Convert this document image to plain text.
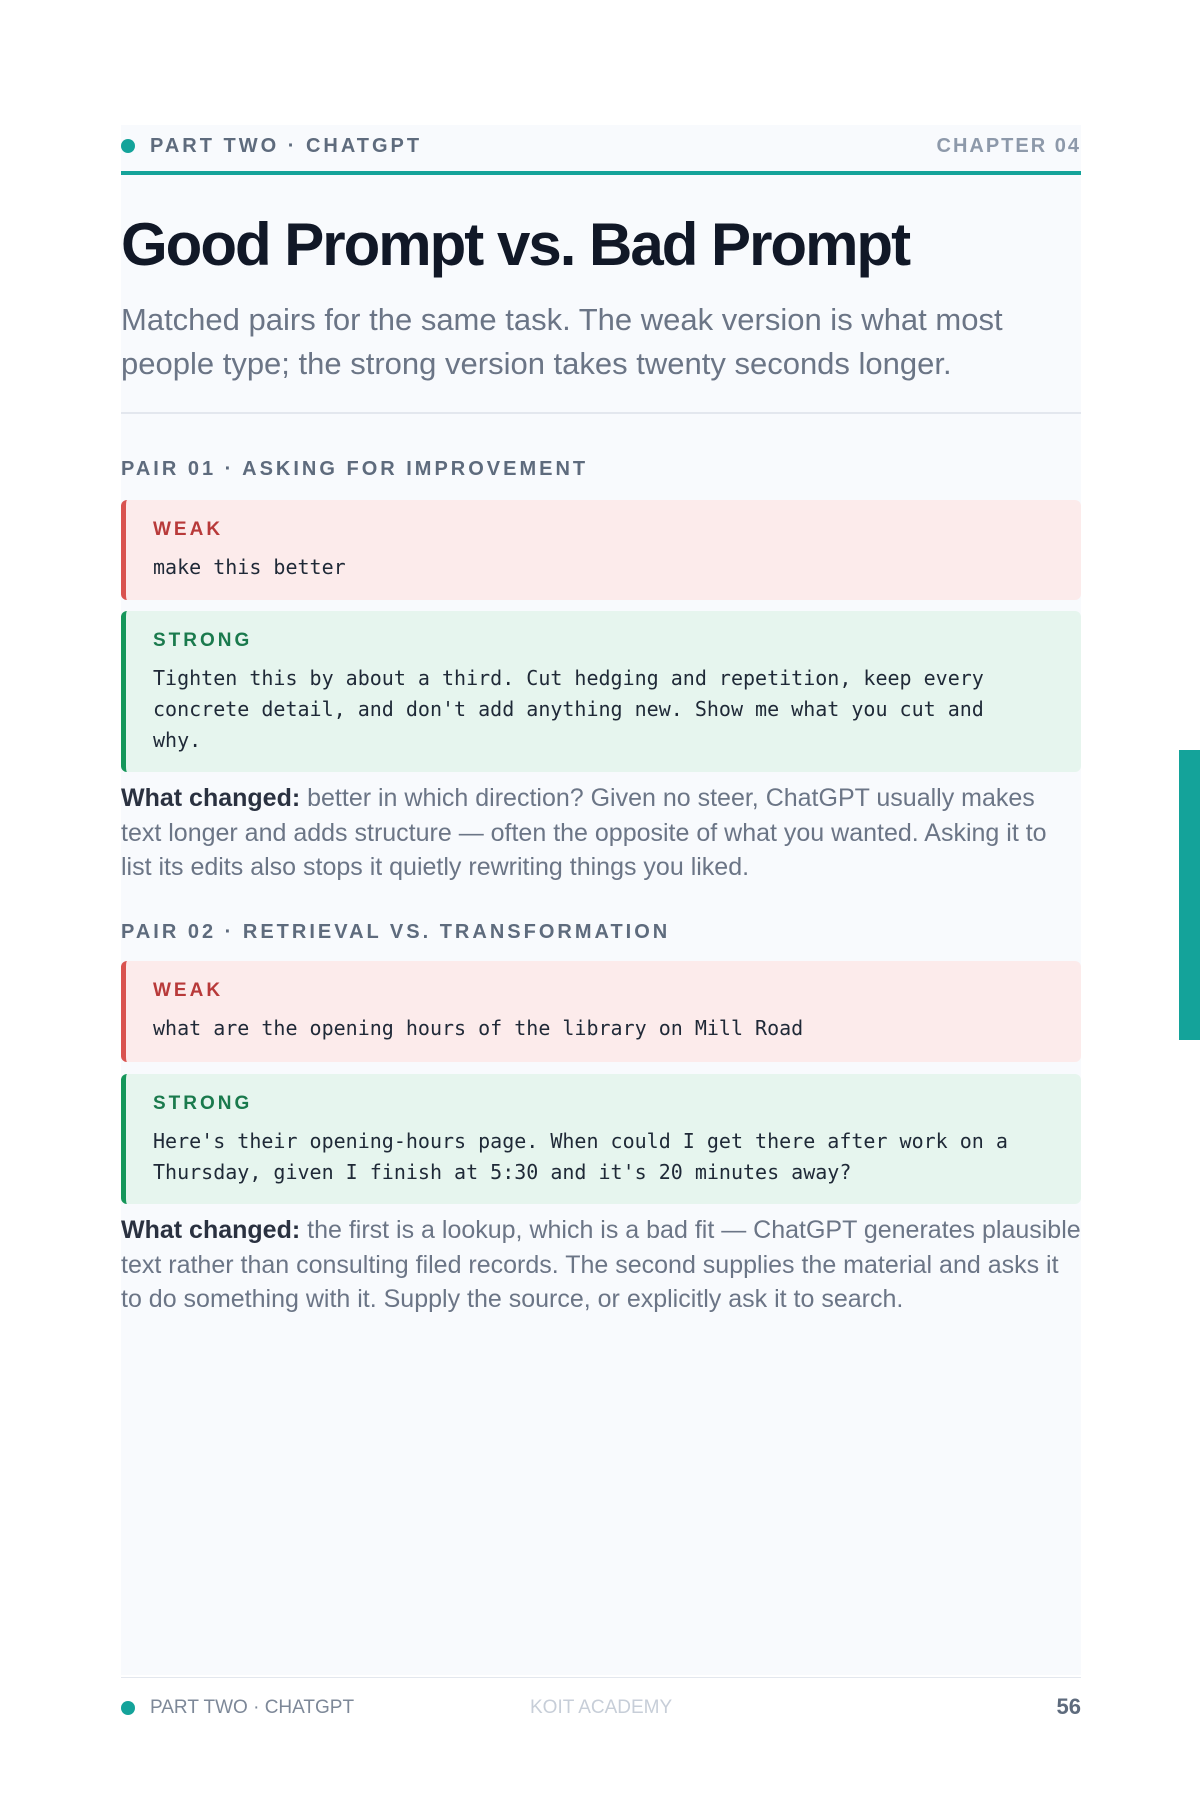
PART TWO · CHATGPT	CHAPTER 04
Good Prompt vs. Bad Prompt

Matched pairs for the same task. The weak version is what most people type; the strong version takes twenty seconds longer.

PAIR 01 · ASKING FOR IMPROVEMENT
WEAK
make this better
STRONG
Tighten this by about a third. Cut hedging and repetition, keep every
concrete detail, and don't add anything new. Show me what you cut and
why.

What changed: better in which direction? Given no steer, ChatGPT usually makes text longer and adds structure — often the opposite of what you wanted. Asking it to list its edits also stops it quietly rewriting things you liked.

PAIR 02 · RETRIEVAL VS. TRANSFORMATION
WEAK
what are the opening hours of the library on Mill Road
STRONG
Here's their opening-hours page. When could I get there after work on a
Thursday, given I finish at 5:30 and it's 20 minutes away?

What changed: the first is a lookup, which is a bad fit — ChatGPT generates plausible text rather than consulting filed records. The second supplies the material and asks it to do something with it. Supply the source, or explicitly ask it to search.

PART TWO · CHATGPT	KOIT ACADEMY	56
